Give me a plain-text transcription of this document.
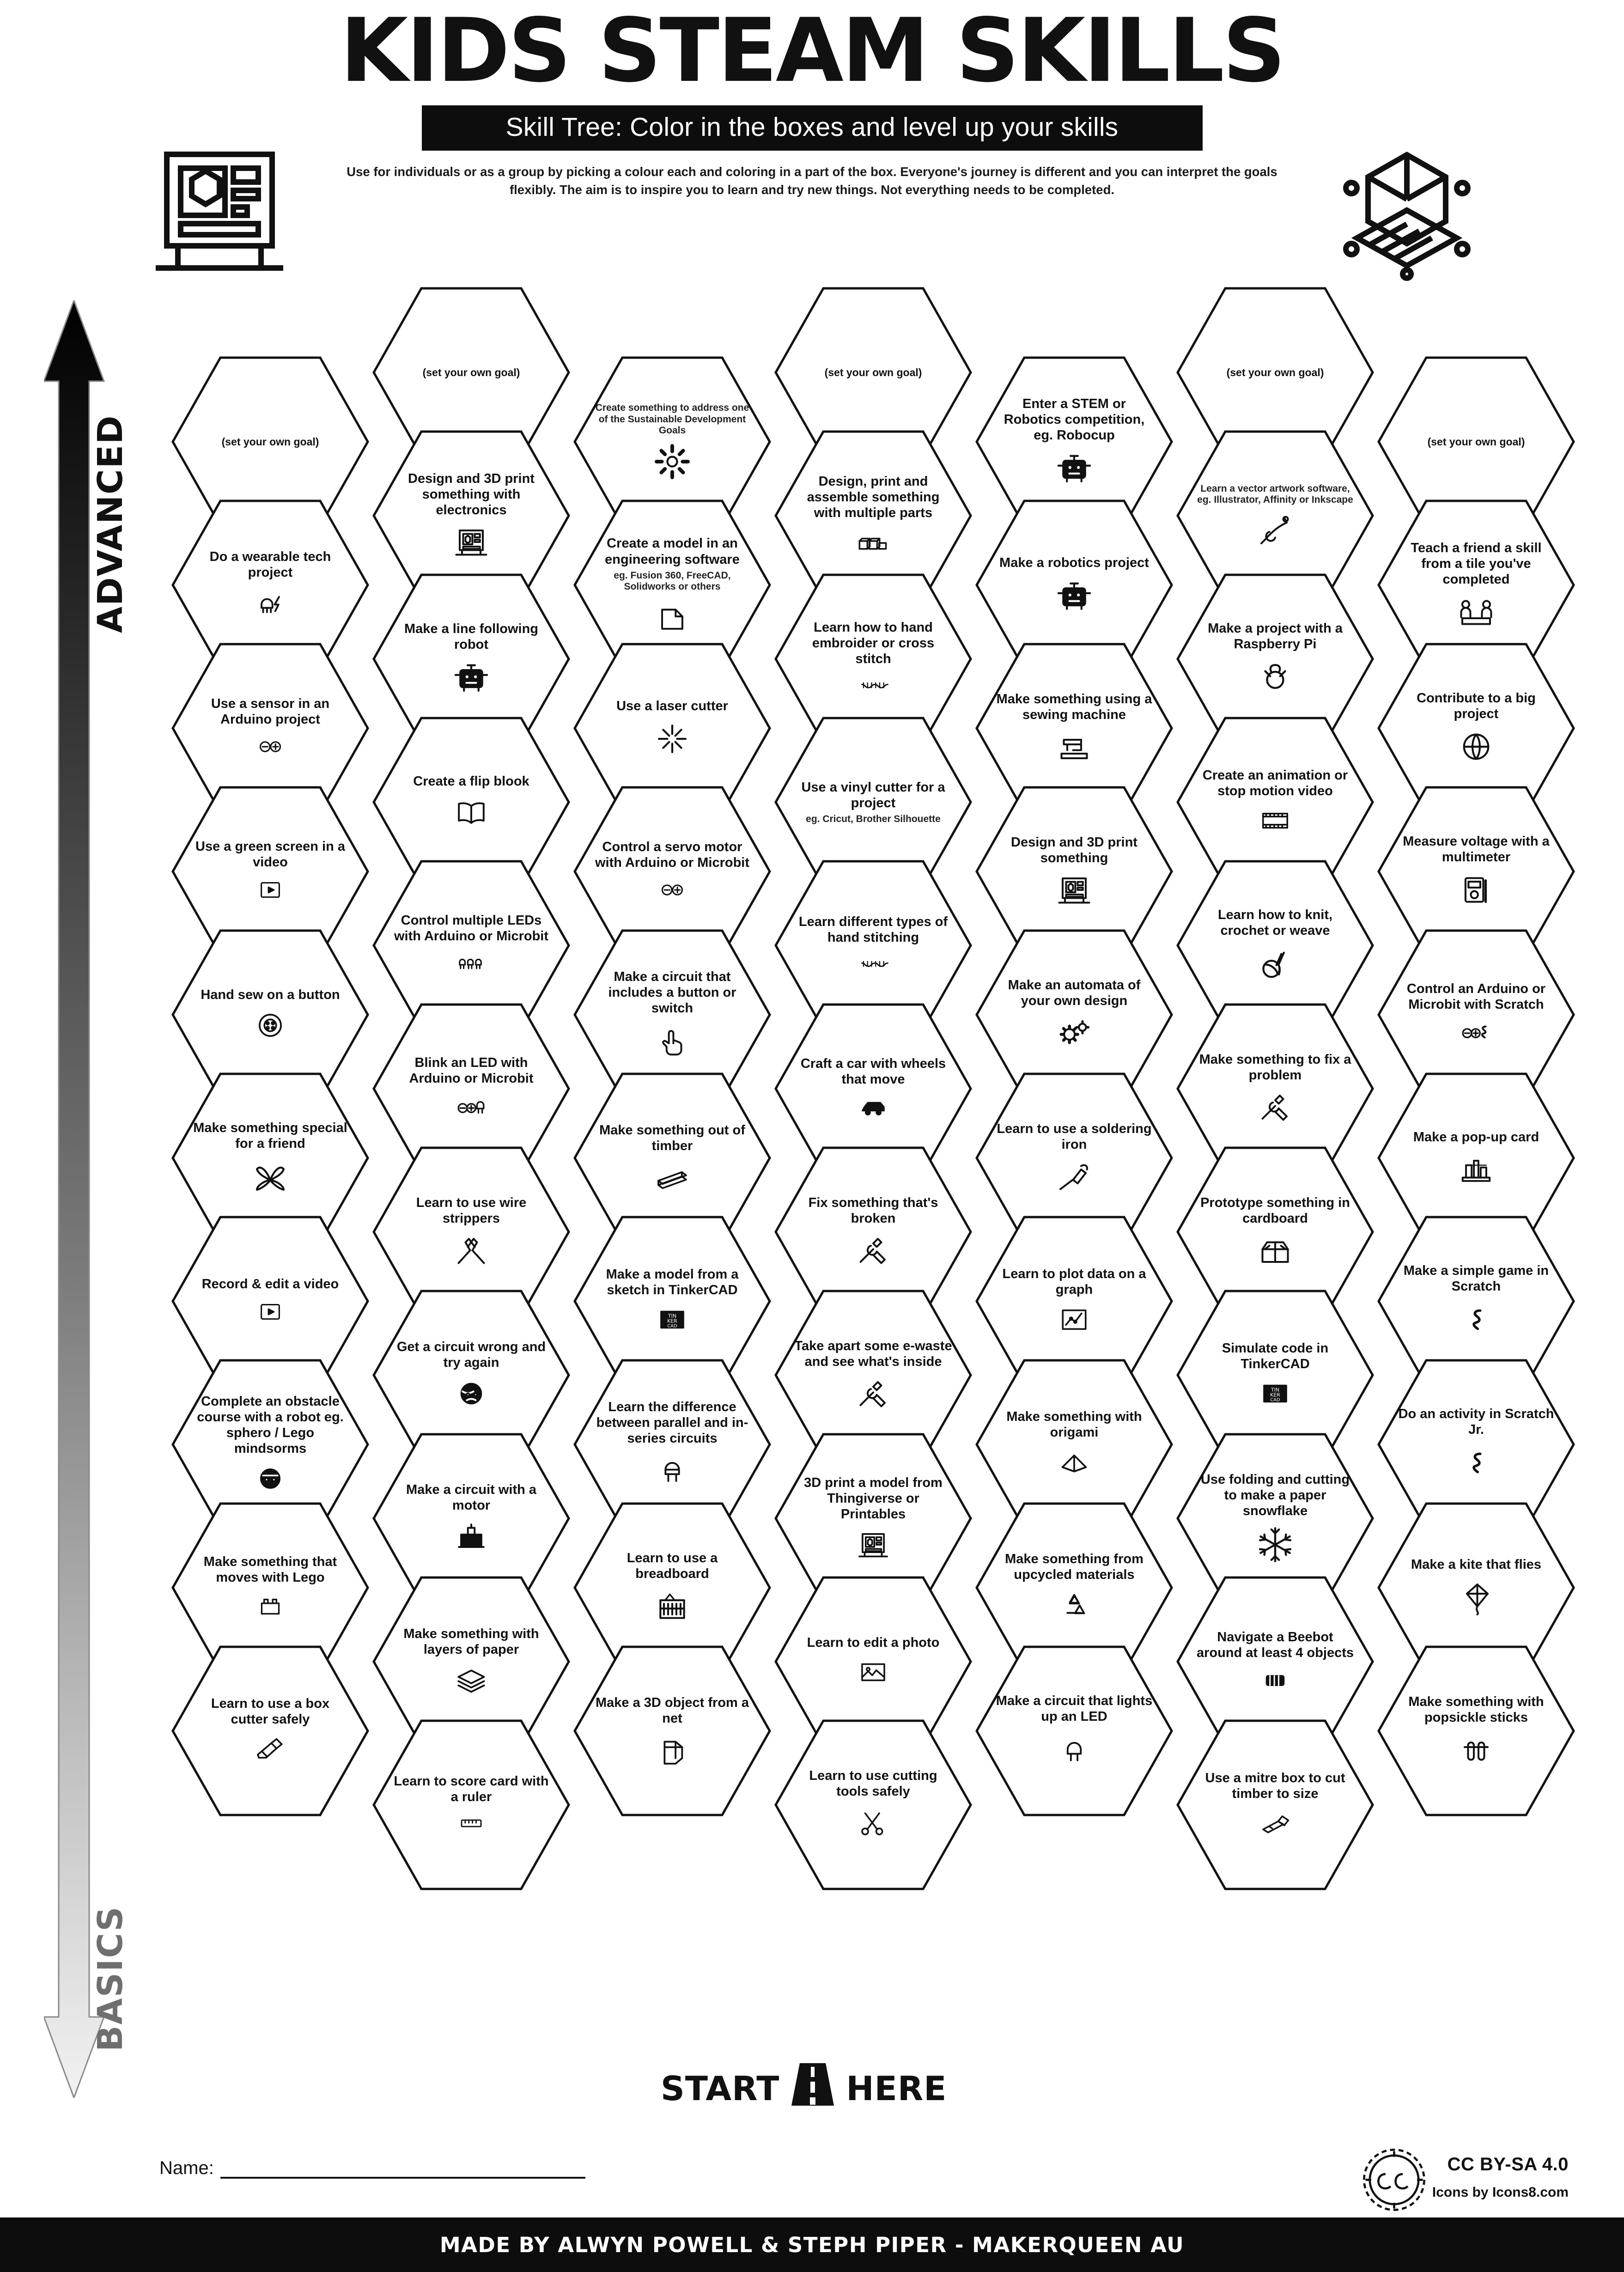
KIDS STEAM SKILLS
Skill Tree: Color in the boxes and level up your skills

Use for individuals or as a group by picking a colour each and coloring in a part of the box. Everyone's journey is different and you can interpret the goals flexibly. The aim is to inspire you to learn and try new things. Not everything needs to be completed.

ADVANCED
BASICS
(set your own goal)
Do a wearable tech project
Use a sensor in an Arduino project
Use a green screen in a video
Hand sew on a button
Make something special for a friend
Record & edit a video
Complete an obstacle course with a robot eg. sphero / Lego mindsorms
Make something that moves with Lego
Learn to use a box cutter safely
(set your own goal)
Design and 3D print something with electronics
Make a line following robot
Create a flip blook
Control multiple LEDs with Arduino or Microbit
Blink an LED with Arduino or Microbit
Learn to use wire strippers
Get a circuit wrong and try again
Make a circuit with a motor
Make something with layers of paper
Learn to score card with a ruler
Create something to address one of the Sustainable Development Goals
Create a model in an engineering software
eg. Fusion 360, FreeCAD, Solidworks or others
Use a laser cutter
Control a servo motor with Arduino or Microbit
Make a circuit that includes a button or switch
Make something out of timber
Make a model from a sketch in TinkerCAD
TIN
KER
CAD
Learn the difference between parallel and in-series circuits
Learn to use a breadboard
Make a 3D object from a net
(set your own goal)
Design, print and assemble something with multiple parts
Learn how to hand embroider or cross stitch
Use a vinyl cutter for a project
eg. Cricut, Brother Silhouette
Learn different types of hand stitching
Craft a car with wheels that move
Fix something that's broken
Take apart some e-waste and see what's inside
3D print a model from Thingiverse or Printables
Learn to edit a photo
Learn to use cutting tools safely
Enter a STEM or Robotics competition, eg. Robocup
Make a robotics project
Make something using a sewing machine
Design and 3D print something
Make an automata of your own design
Learn to use a soldering iron
Learn to plot data on a graph
Make something with origami
Make something from upcycled materials
Make a circuit that lights up an LED
(set your own goal)
Learn a vector artwork software, eg. Illustrator, Affinity or Inkscape
Make a project with a Raspberry Pi
Create an animation or stop motion video
Learn how to knit, crochet or weave
Make something to fix a problem
Prototype something in cardboard
Simulate code in TinkerCAD
TIN
KER
CAD
Use folding and cutting to make a paper snowflake
Navigate a Beebot around at least 4 objects
Use a mitre box to cut timber to size
(set your own goal)
Teach a friend a skill from a tile you've completed
Contribute to a big project
Measure voltage with a multimeter
Control an Arduino or Microbit with Scratch
Make a pop-up card
Make a simple game in Scratch
Do an activity in Scratch Jr.
Make a kite that flies
Make something with popsickle sticks
START HERE
Name:	CC BY-SA 4.0
Icons by Icons8.com
MADE BY ALWYN POWELL & STEPH PIPER - MAKERQUEEN AU
